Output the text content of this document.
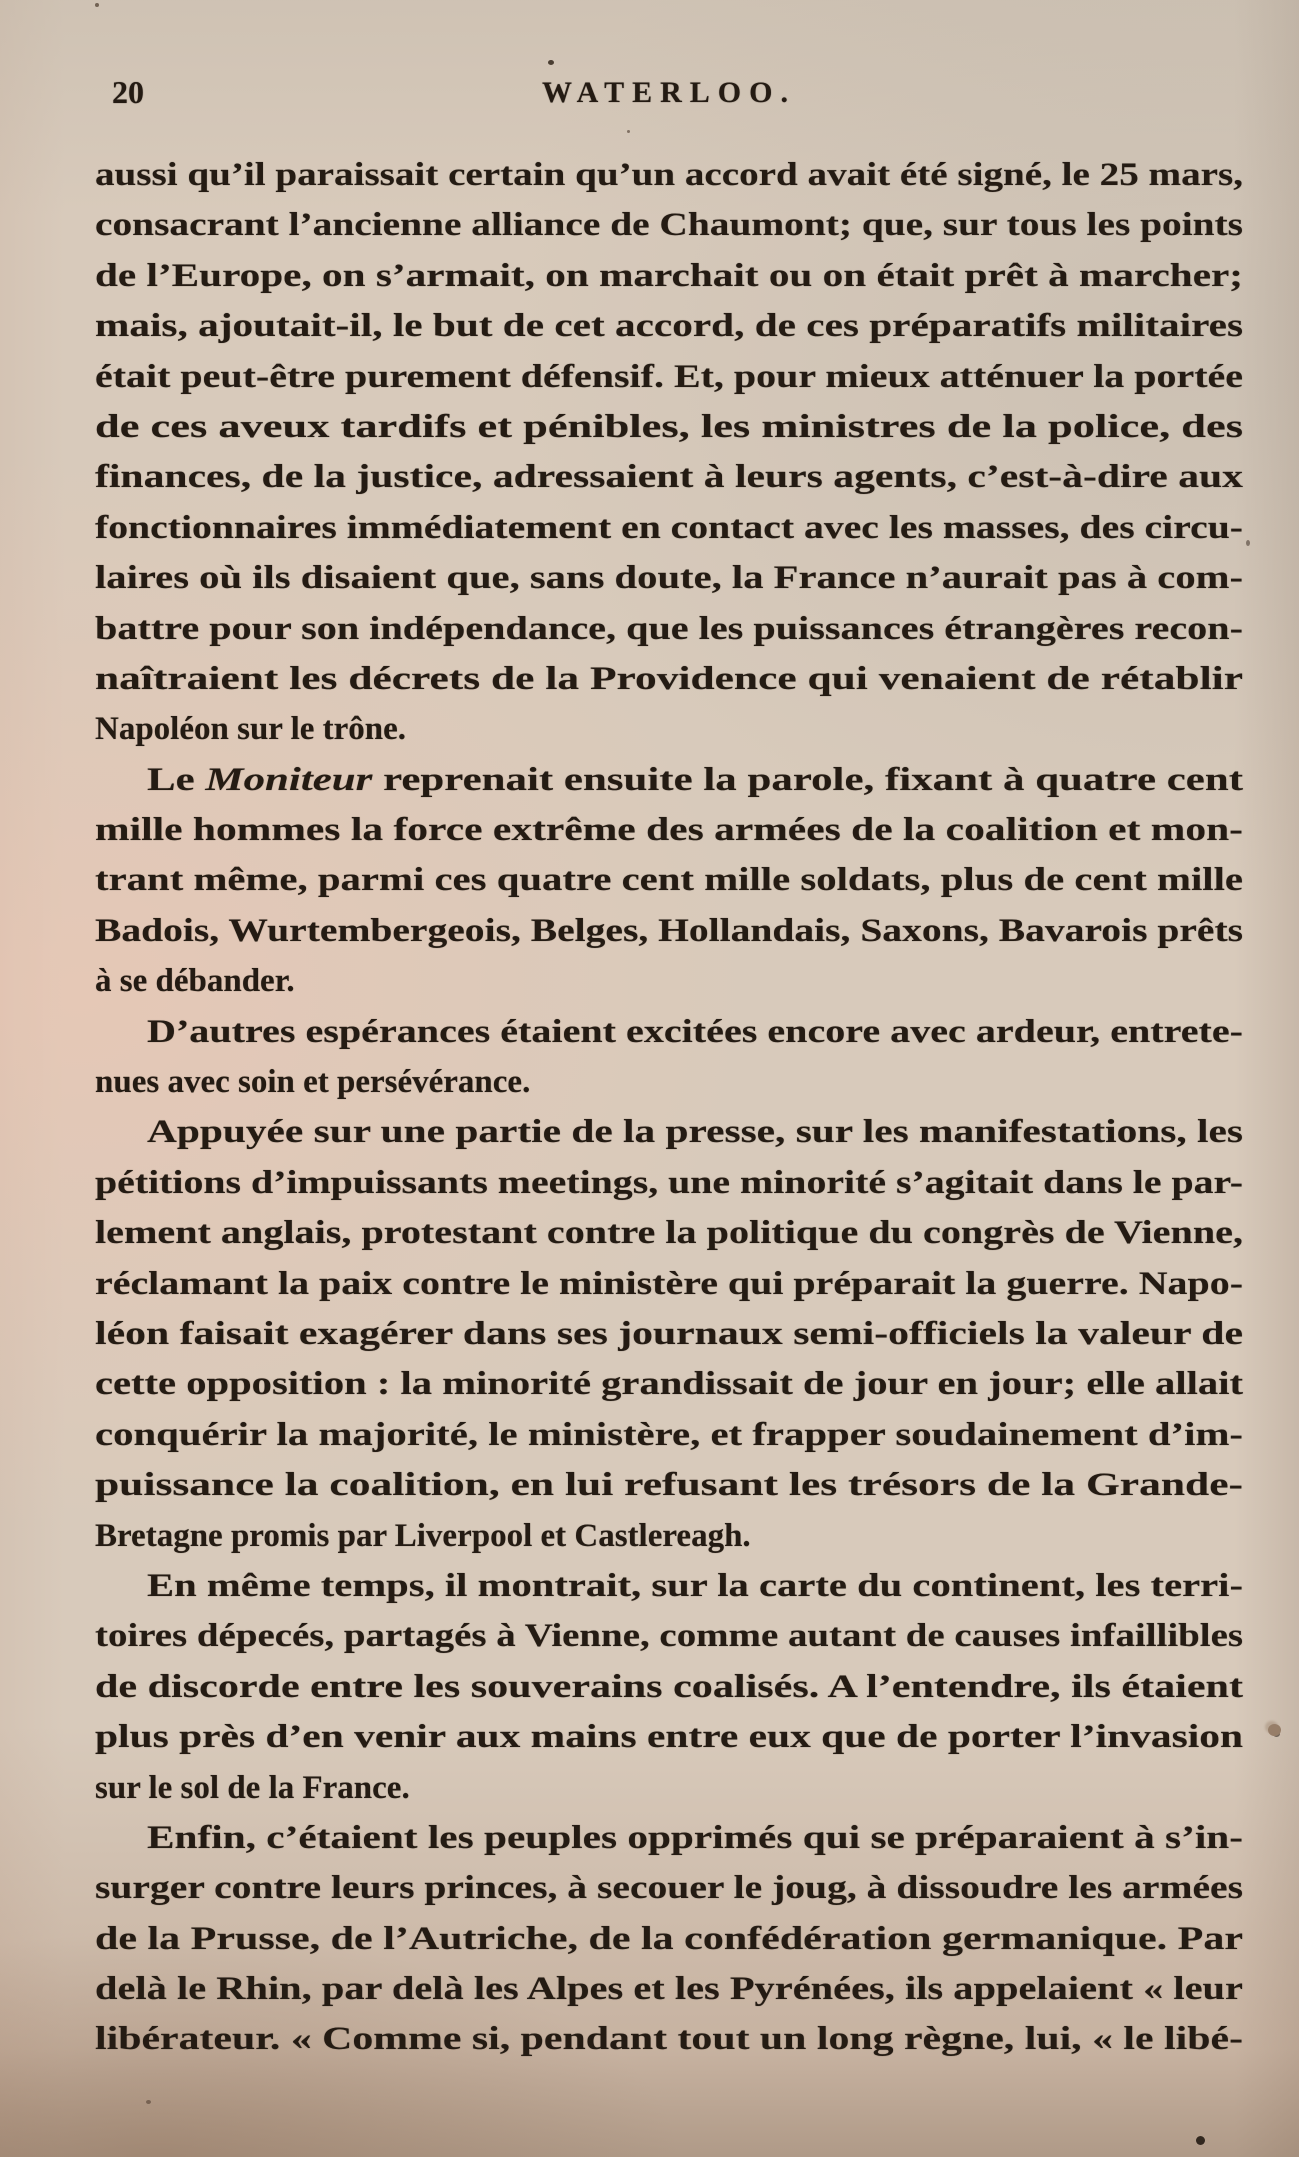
20	WATERLOO.
aussi qu’il paraissait certain qu’un accord avait été signé, le 25 mars,
consacrant l’ancienne alliance de Chaumont; que, sur tous les points
de l’Europe, on s’armait, on marchait ou on était prêt à marcher;
mais, ajoutait-il, le but de cet accord, de ces préparatifs militaires
était peut-être purement défensif. Et, pour mieux atténuer la portée
de ces aveux tardifs et pénibles, les ministres de la police, des
finances, de la justice, adressaient à leurs agents, c’est-à-dire aux
fonctionnaires immédiatement en contact avec les masses, des circu-
laires où ils disaient que, sans doute, la France n’aurait pas à com-
battre pour son indépendance, que les puissances étrangères recon-
naîtraient les décrets de la Providence qui venaient de rétablir
Napoléon sur le trône.
Le Moniteur reprenait ensuite la parole, fixant à quatre cent
mille hommes la force extrême des armées de la coalition et mon-
trant même, parmi ces quatre cent mille soldats, plus de cent mille
Badois, Wurtembergeois, Belges, Hollandais, Saxons, Bavarois prêts
à se débander.
D’autres espérances étaient excitées encore avec ardeur, entrete-
nues avec soin et persévérance.
Appuyée sur une partie de la presse, sur les manifestations, les
pétitions d’impuissants meetings, une minorité s’agitait dans le par-
lement anglais, protestant contre la politique du congrès de Vienne,
réclamant la paix contre le ministère qui préparait la guerre. Napo-
léon faisait exagérer dans ses journaux semi-officiels la valeur de
cette opposition : la minorité grandissait de jour en jour; elle allait
conquérir la majorité, le ministère, et frapper soudainement d’im-
puissance la coalition, en lui refusant les trésors de la Grande-
Bretagne promis par Liverpool et Castlereagh.
En même temps, il montrait, sur la carte du continent, les terri-
toires dépecés, partagés à Vienne, comme autant de causes infaillibles
de discorde entre les souverains coalisés. A l’entendre, ils étaient
plus près d’en venir aux mains entre eux que de porter l’invasion
sur le sol de la France.
Enfin, c’étaient les peuples opprimés qui se préparaient à s’in-
surger contre leurs princes, à secouer le joug, à dissoudre les armées
de la Prusse, de l’Autriche, de la confédération germanique. Par
delà le Rhin, par delà les Alpes et les Pyrénées, ils appelaient « leur
libérateur. « Comme si, pendant tout un long règne, lui, « le libé-
